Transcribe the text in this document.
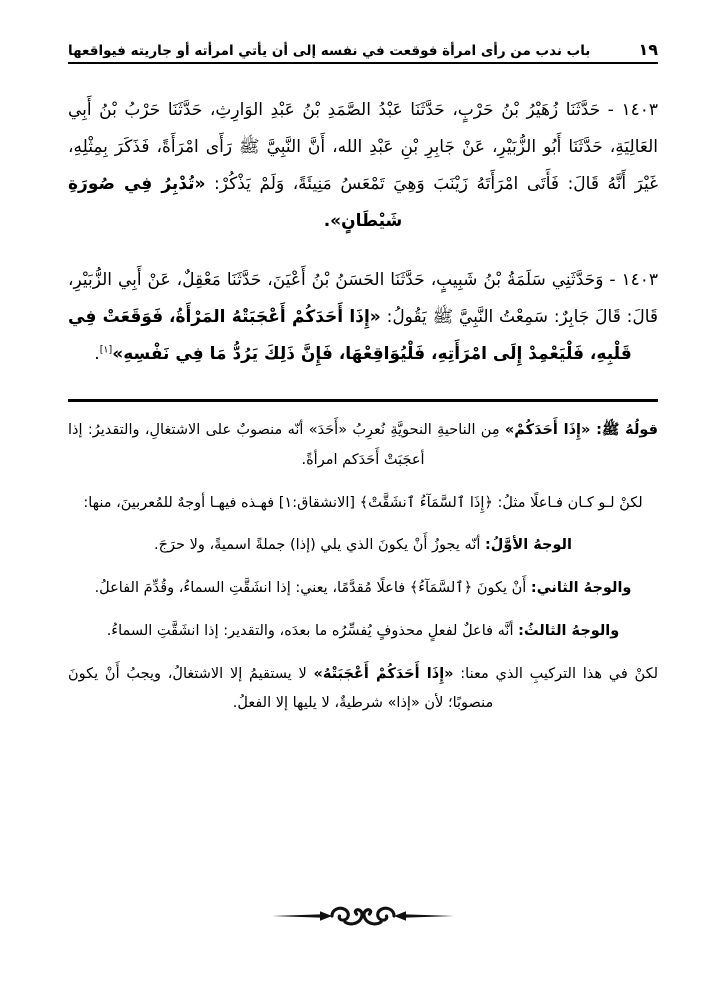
باب ندب من رأى امرأة فوقعت في نفسه إلى أن يأتي امرأته أو جاريته فيواقعها	١٩

١٤٠٣ - حَدَّثَنَا زُهَيْرُ بْنُ حَرْبٍ، حَدَّثَنَا عَبْدُ الصَّمَدِ بْنُ عَبْدِ الوَارِثِ، حَدَّثَنَا حَرْبُ بْنُ أَبِي العَالِيَةِ، حَدَّثَنَا أَبُو الزُّبَيْرِ، عَنْ جَابِرِ بْنِ عَبْدِ الله، أَنَّ النَّبِيَّ ﷺ رَأَى امْرَأَةً، فَذَكَرَ بِمِثْلِهِ، غَيْرَ أَنَّهُ قَالَ: فَأَتَى امْرَأَتَهُ زَيْنَبَ وَهِيَ تَمْعَسُ مَنِيئَةً، وَلَمْ يَذْكُرْ: «تُدْبِرُ فِي صُورَةِ شَيْطَانٍ».

١٤٠٣ - وَحَدَّثَنِي سَلَمَةُ بْنُ شَبِيبٍ، حَدَّثَنَا الحَسَنُ بْنُ أَعْيَنَ، حَدَّثَنَا مَعْقِلٌ، عَنْ أَبِي الزُّبَيْرِ، قَالَ: قَالَ جَابِرٌ: سَمِعْتُ النَّبِيَّ ﷺ يَقُولُ: «إِذَا أَحَدَكُمْ أَعْجَبَتْهُ المَرْأَةُ، فَوَقَعَتْ فِي قَلْبِهِ، فَلْيَعْمِدْ إِلَى امْرَأَتِهِ، فَلْيُوَاقِعْهَا، فَإِنَّ ذَلِكَ يَرُدُّ مَا فِي نَفْسِهِ»[١].

قولُهُ ﷺ: «إِذَا أَحَدَكُمْ» مِن الناحيةِ النحويَّةِ نُعرِبُ «أَحَدَ» أنّه منصوبٌ على الاشتغالِ، والتقديرُ: إذا أعجَبَتْ أَحَدَكم امرأةً.

لكنْ لـو كـان فـاعلًا مثلُ: ﴿إِذَا ٱلسَّمَآءُ ٱنشَقَّتْ﴾ [الانشقاق:١] فهـذه فيهـا أوجهٌ للمُعربينَ، منها:

الوجهُ الأوَّلُ: أنّه يجوزُ أَنْ يكونَ الذي يلي (إذا) جملةً اسميةً، ولا حرَجَ.

والوجهُ الثاني: أَنْ يكونَ ﴿ٱلسَّمَآءُ﴾ فاعلًا مُقدَّمًا، يعني: إذا انشَقَّتِ السماءُ، وقُدِّمَ الفاعلُ.

والوجهُ الثالثُ: أنَّه فاعلٌ لفعلٍ محذوفٍ يُفسِّرُه ما بعدَه، والتقدير: إذا انشَقَّتِ السماءُ.

لكنْ في هذا التركيبِ الذي معنا: «إِذَا أَحَدَكُمْ أَعْجَبَتْهُ» لا يستقيمُ إلا الاشتغالُ، ويجبُ أَنْ يكونَ منصوبًا؛ لأن «إذا» شرطيةٌ، لا يليها إلا الفعلُ.
